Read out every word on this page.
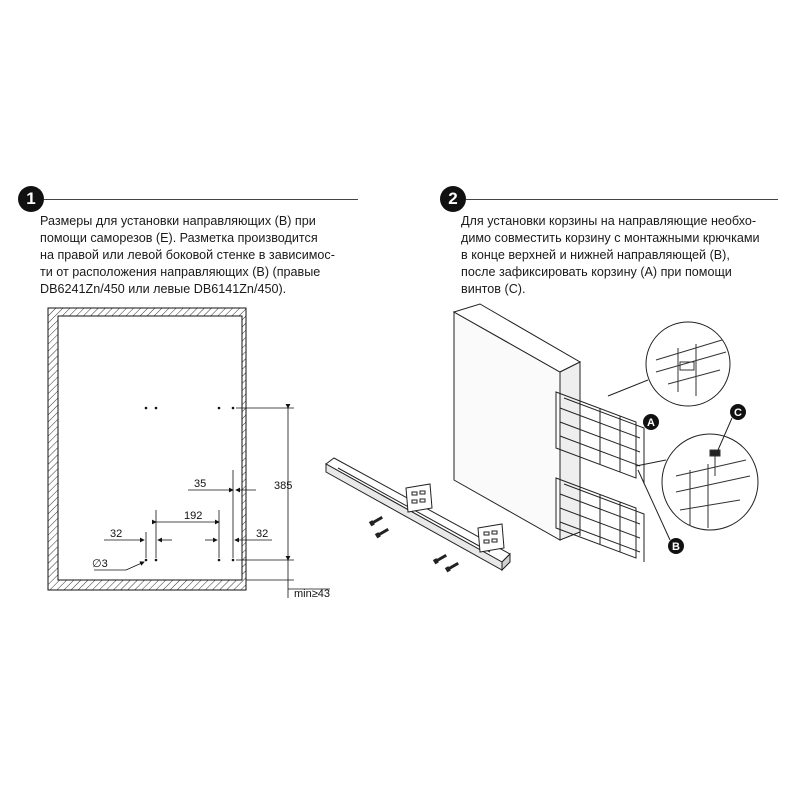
1
Размеры для установки направляющих (B) при
помощи саморезов (E). Разметка производится
на правой или левой боковой стенке в зависимос-
ти от расположения направляющих (B) (правые
DB6241Zn/450 или левые DB6141Zn/450).
2
Для установки корзины на направляющие необхо-
димо совместить корзину с монтажными крючками
в конце верхней и нижней направляющей (B),
после зафиксировать корзину (A) при помощи
винтов (C).
35	385
192
32	32
∅3
min≥43
A
B
C
